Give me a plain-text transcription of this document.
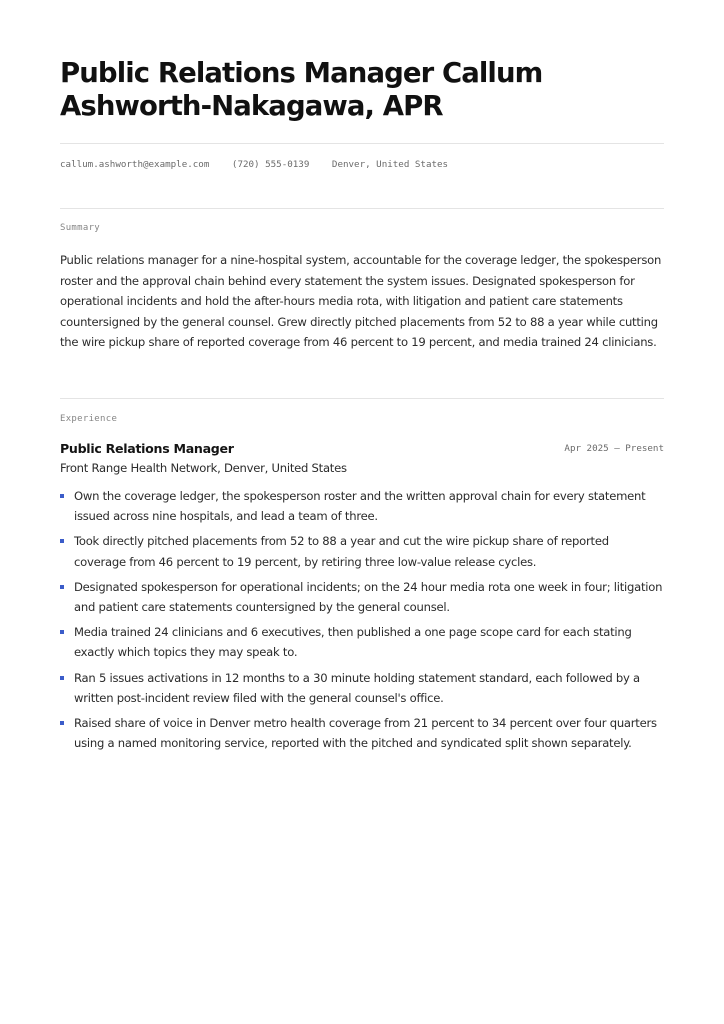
Public Relations Manager Callum Ashworth-Nakagawa, APR
callum.ashworth@example.com (720) 555-0139 Denver, United States
Summary

Public relations manager for a nine-hospital system, accountable for the coverage ledger, the spokesperson roster and the approval chain behind every statement the system issues. Designated spokesperson for operational incidents and hold the after-hours media rota, with litigation and patient care statements countersigned by the general counsel. Grew directly pitched placements from 52 to 88 a year while cutting the wire pickup share of reported coverage from 46 percent to 19 percent, and media trained 24 clinicians.

Experience
Public Relations Manager	Apr 2025 — Present
Front Range Health Network, Denver, United States
Own the coverage ledger, the spokesperson roster and the written approval chain for every statement issued across nine hospitals, and lead a team of three.
Took directly pitched placements from 52 to 88 a year and cut the wire pickup share of reported coverage from 46 percent to 19 percent, by retiring three low-value release cycles.
Designated spokesperson for operational incidents; on the 24 hour media rota one week in four; litigation and patient care statements countersigned by the general counsel.
Media trained 24 clinicians and 6 executives, then published a one page scope card for each stating exactly which topics they may speak to.
Ran 5 issues activations in 12 months to a 30 minute holding statement standard, each followed by a written post-incident review filed with the general counsel's office.
Raised share of voice in Denver metro health coverage from 21 percent to 34 percent over four quarters using a named monitoring service, reported with the pitched and syndicated split shown separately.
